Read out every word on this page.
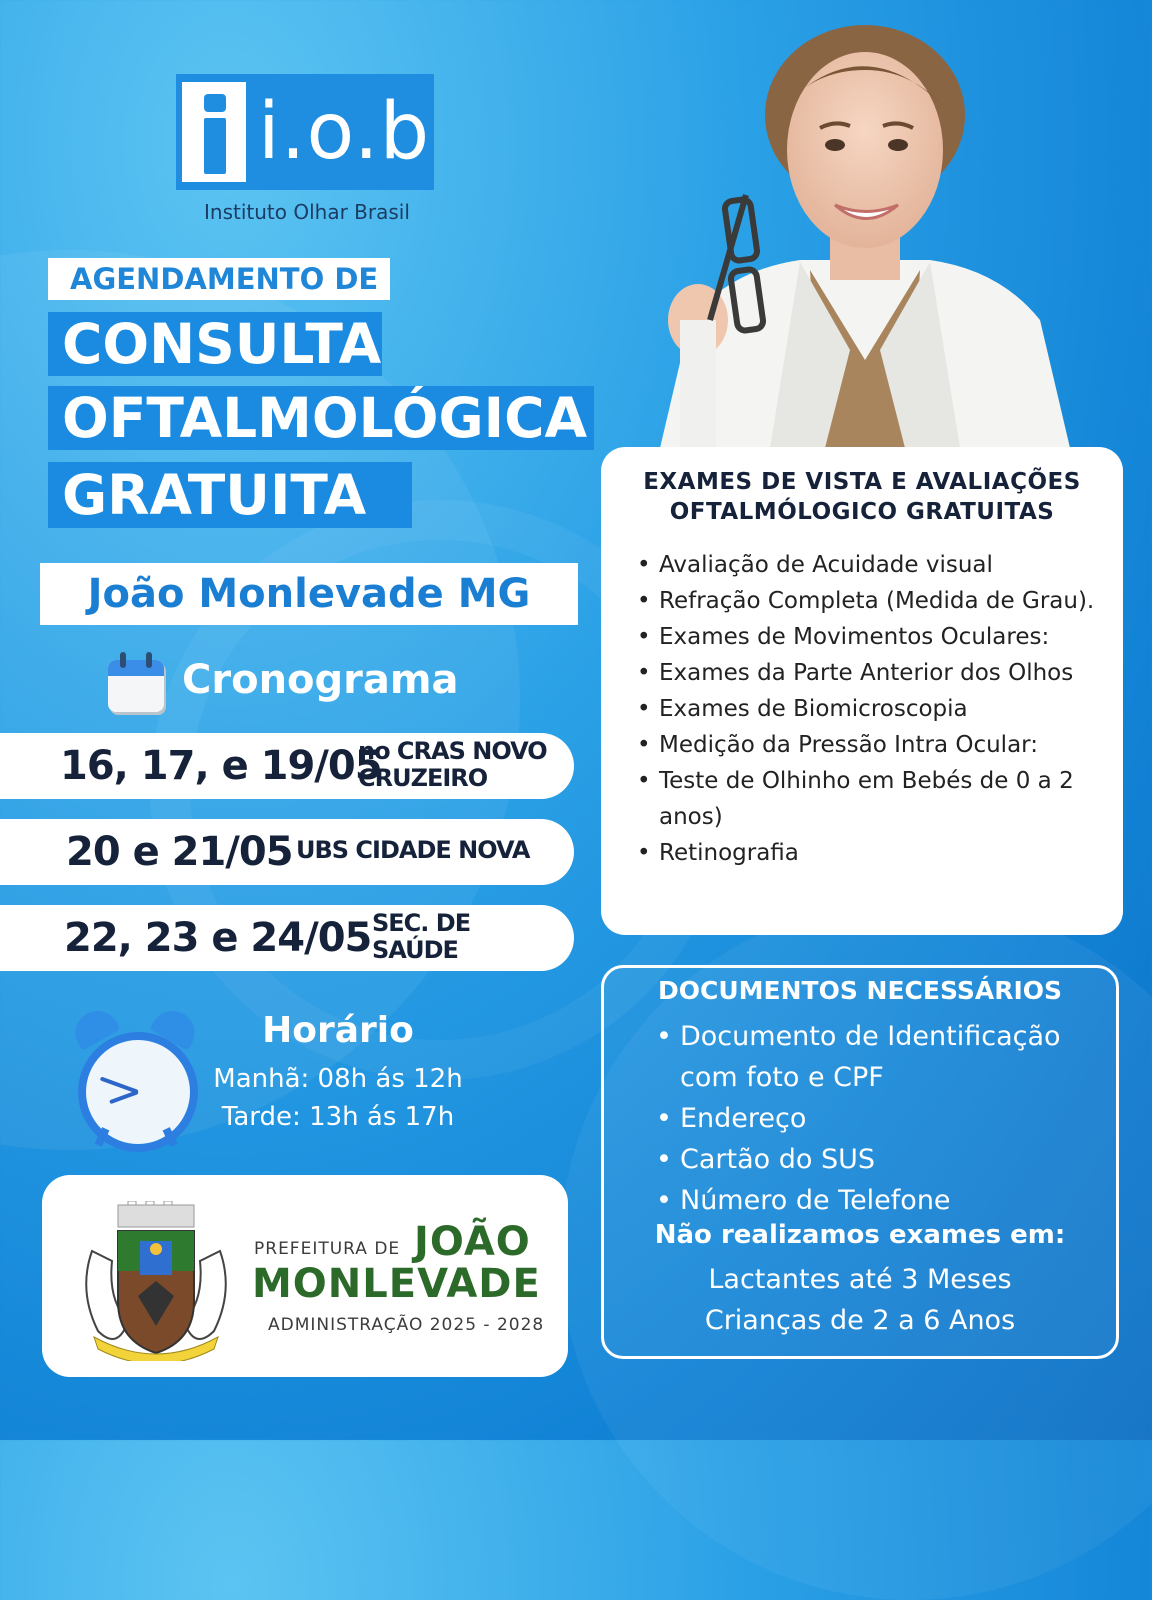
i.o.b
Instituto Olhar Brasil
AGENDAMENTO DE
CONSULTA
OFTALMOLÓGICA
GRATUITA
João Monlevade MG
Cronograma
16, 17, e 19/05
no CRAS NOVO
CRUZEIRO
20 e 21/05 UBS CIDADE NOVA
22, 23 e 24/05 SEC. DE
SAÚDE
Horário
Manhã: 08h ás 12h
Tarde: 13h ás 17h
PREFEITURA DE JOÃO
MONLEVADE
ADMINISTRAÇÃO 2025 - 2028
EXAMES DE VISTA E AVALIAÇÕES
OFTALMÓLOGICO GRATUITAS
• Avaliação de Acuidade visual
• Refração Completa (Medida de Grau).
• Exames de Movimentos Oculares:
• Exames da Parte Anterior dos Olhos
• Exames de Biomicroscopia
• Medição da Pressão Intra Ocular:
• Teste de Olhinho em Bebés de 0 a 2 anos)
• Retinografia
DOCUMENTOS NECESSÁRIOS
• Documento de Identificação com foto e CPF
• Endereço
• Cartão do SUS
• Número de Telefone
Não realizamos exames em:
Lactantes até 3 Meses
Crianças de 2 a 6 Anos
